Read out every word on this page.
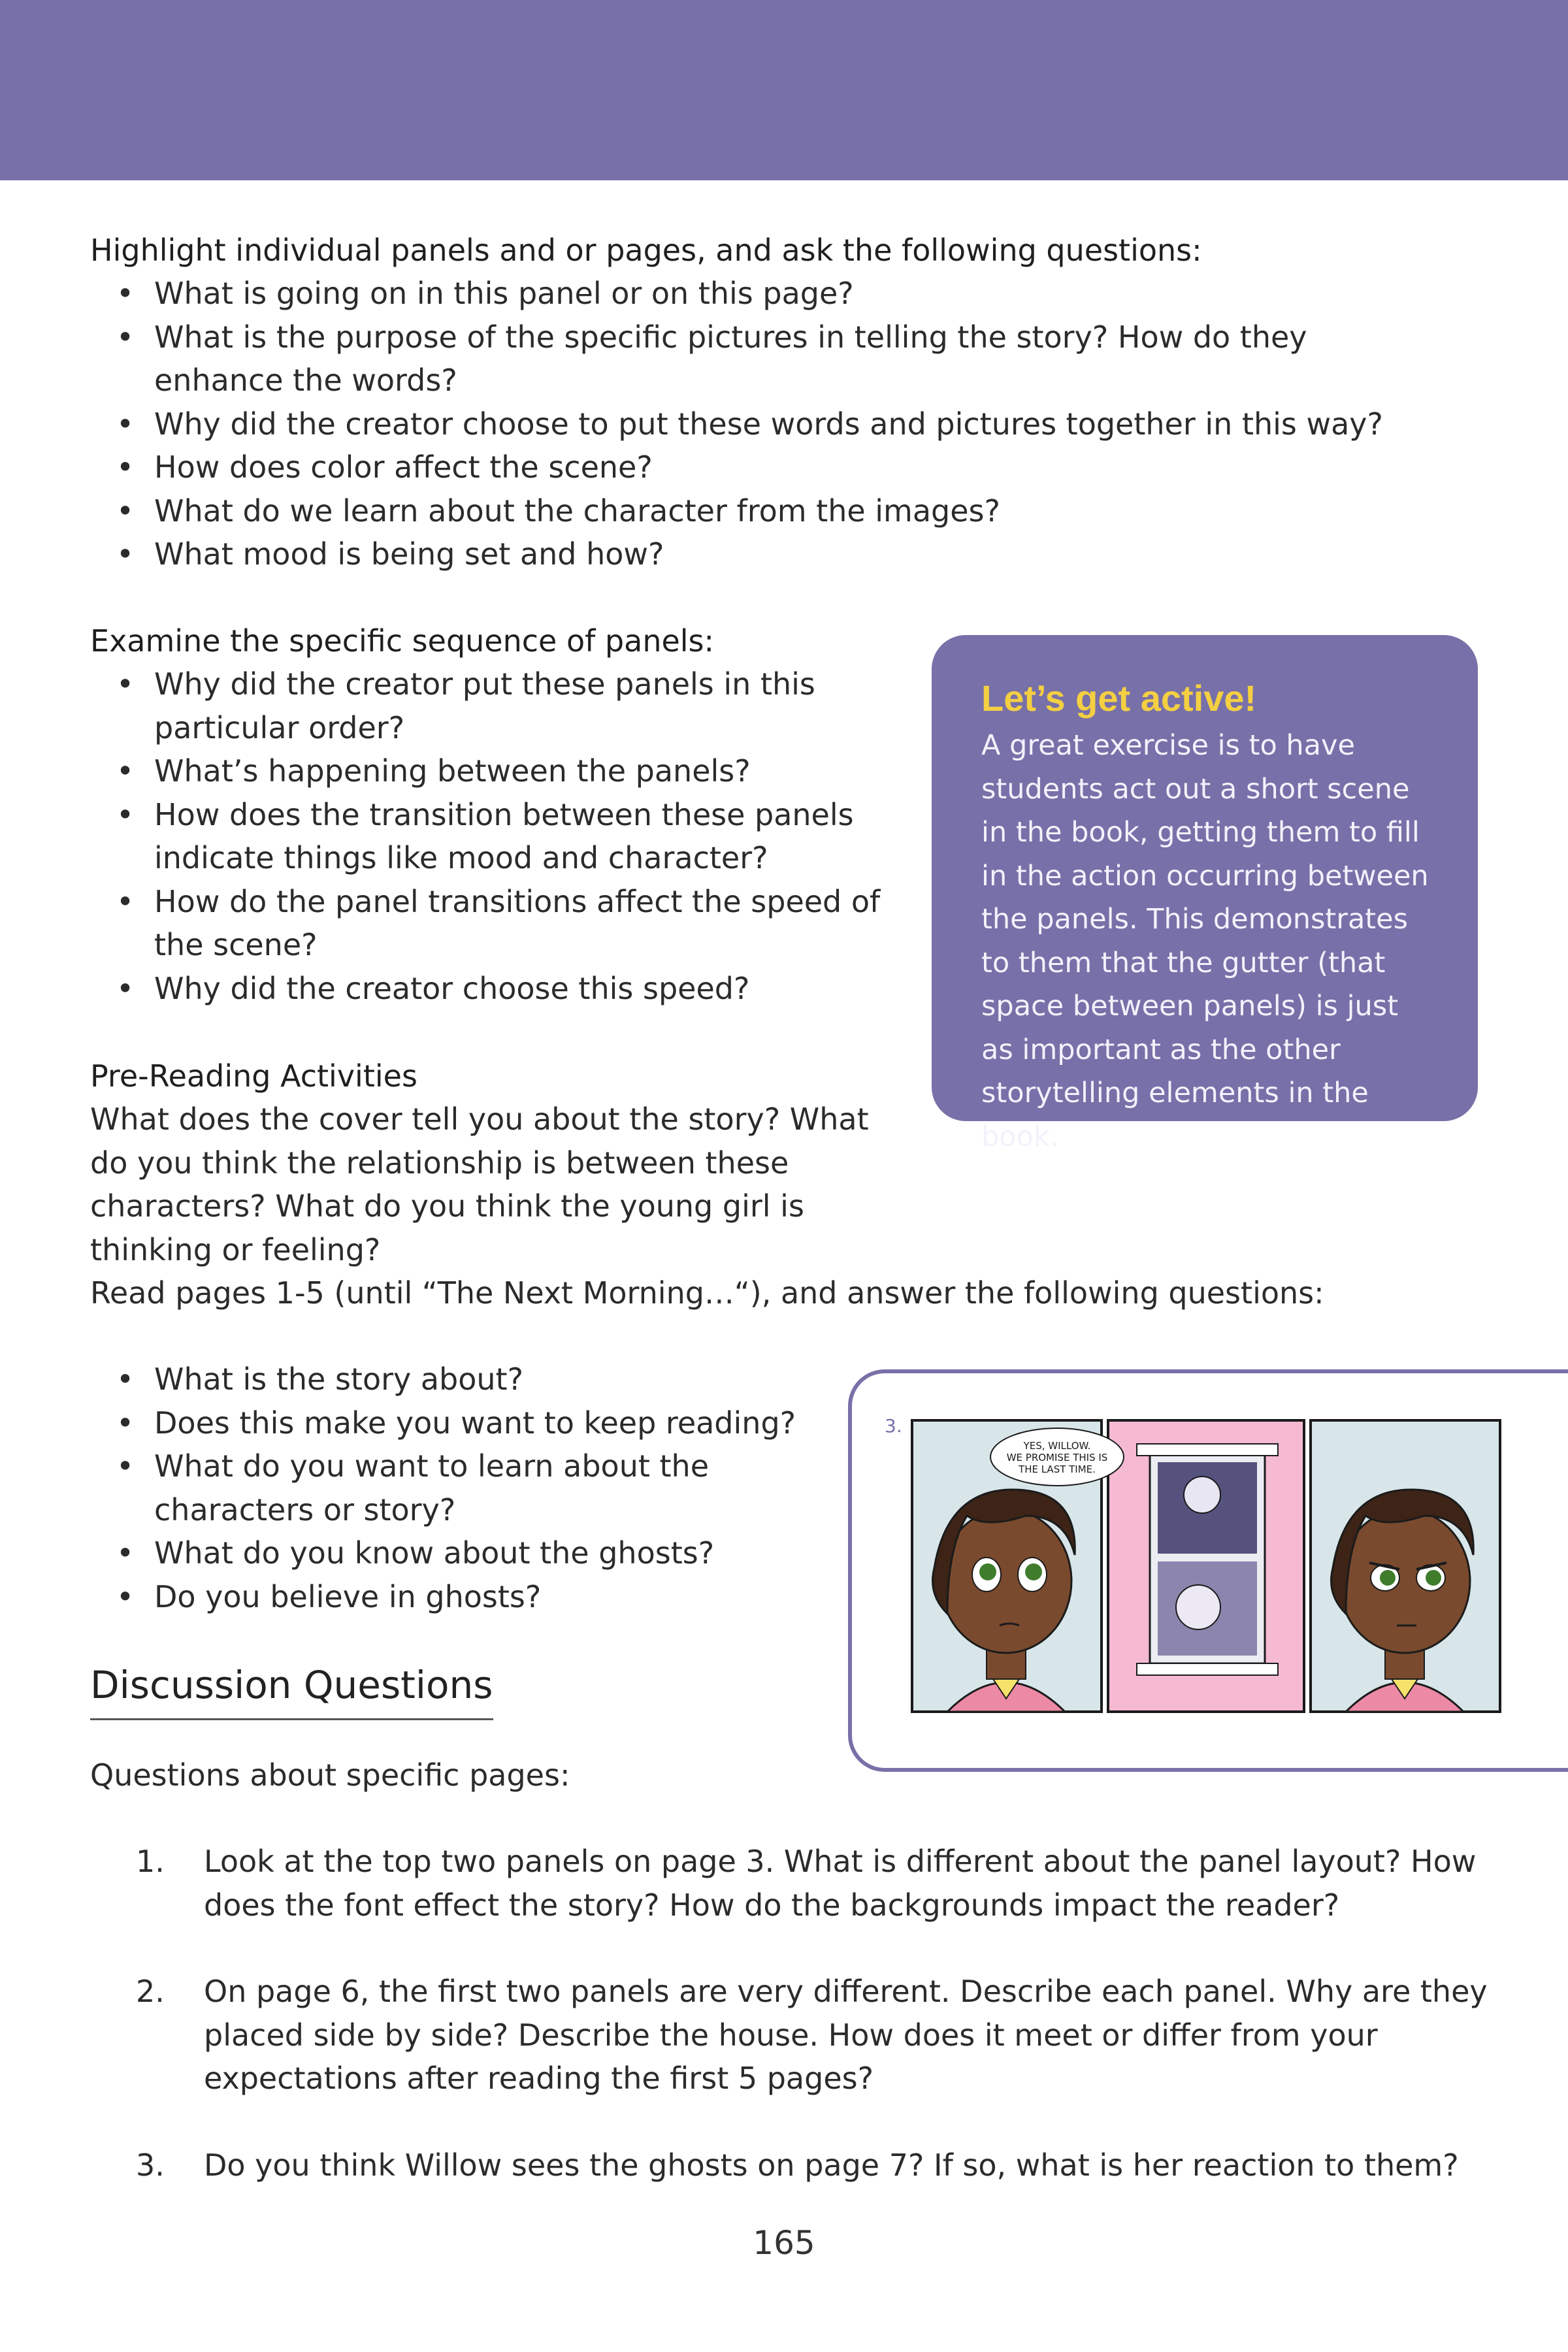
Highlight individual panels and or pages, and ask the following questions:
• What is going on in this panel or on this page?
• What is the purpose of the specific pictures in telling the story? How do they enhance the words?
• Why did the creator choose to put these words and pictures together in this way?
• How does color affect the scene?
• What do we learn about the character from the images?
• What mood is being set and how?
Examine the specific sequence of panels:
• Why did the creator put these panels in this particular order?
• What’s happening between the panels?
• How does the transition between these panels indicate things like mood and character?
• How do the panel transitions affect the speed of the scene?
• Why did the creator choose this speed?
Let’s get active!
A great exercise is to have students act out a short scene in the book, getting them to fill in the action occurring between the panels. This demonstrates to them that the gutter (that space between panels) is just as important as the other storytelling elements in the book.
Pre-Reading Activities
What does the cover tell you about the story? What do you think the relationship is between these characters? What do you think the young girl is thinking or feeling?
Read pages 1-5 (until “The Next Morning…“), and answer the following questions:
• What is the story about?
• Does this make you want to keep reading?
• What do you want to learn about the characters or story?
• What do you know about the ghosts?
• Do you believe in ghosts?
3.
YES, WILLOW.
WE PROMISE THIS IS
THE LAST TIME.
Discussion Questions
Questions about specific pages:
1. Look at the top two panels on page 3. What is different about the panel layout? How does the font effect the story? How do the backgrounds impact the reader?
2. On page 6, the first two panels are very different. Describe each panel. Why are they placed side by side? Describe the house. How does it meet or differ from your expectations after reading the first 5 pages?
3. Do you think Willow sees the ghosts on page 7? If so, what is her reaction to them?
165
